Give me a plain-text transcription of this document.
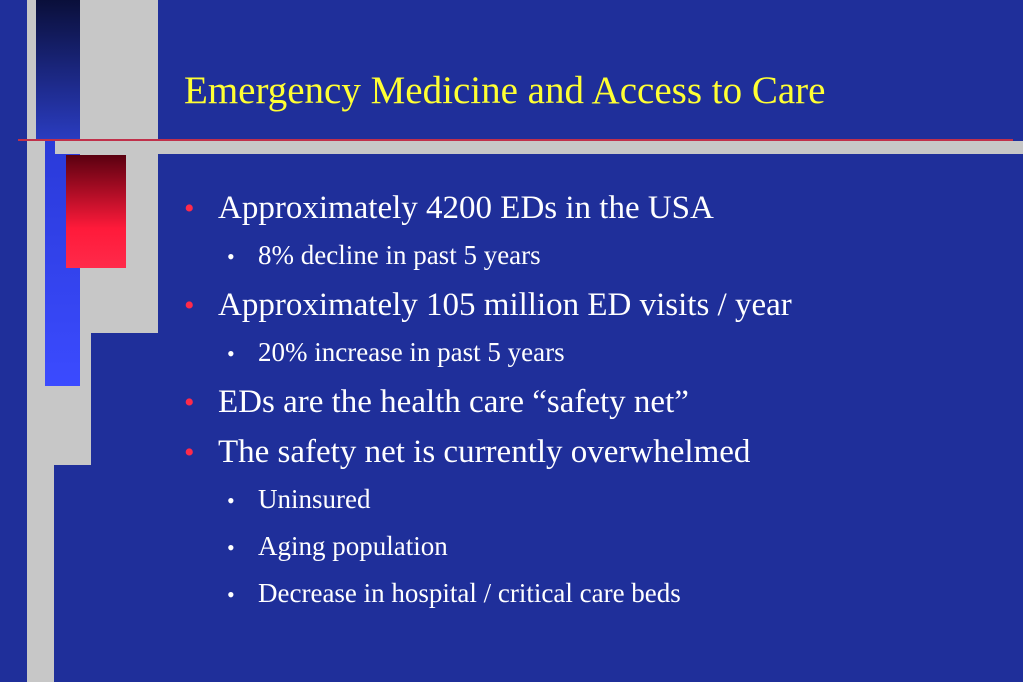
Emergency Medicine and Access to Care
• Approximately 4200 EDs in the USA
• 8% decline in past 5 years
• Approximately 105 million ED visits / year
• 20% increase in past 5 years
• EDs are the health care “safety net”
• The safety net is currently overwhelmed
• Uninsured
• Aging population
• Decrease in hospital / critical care beds
